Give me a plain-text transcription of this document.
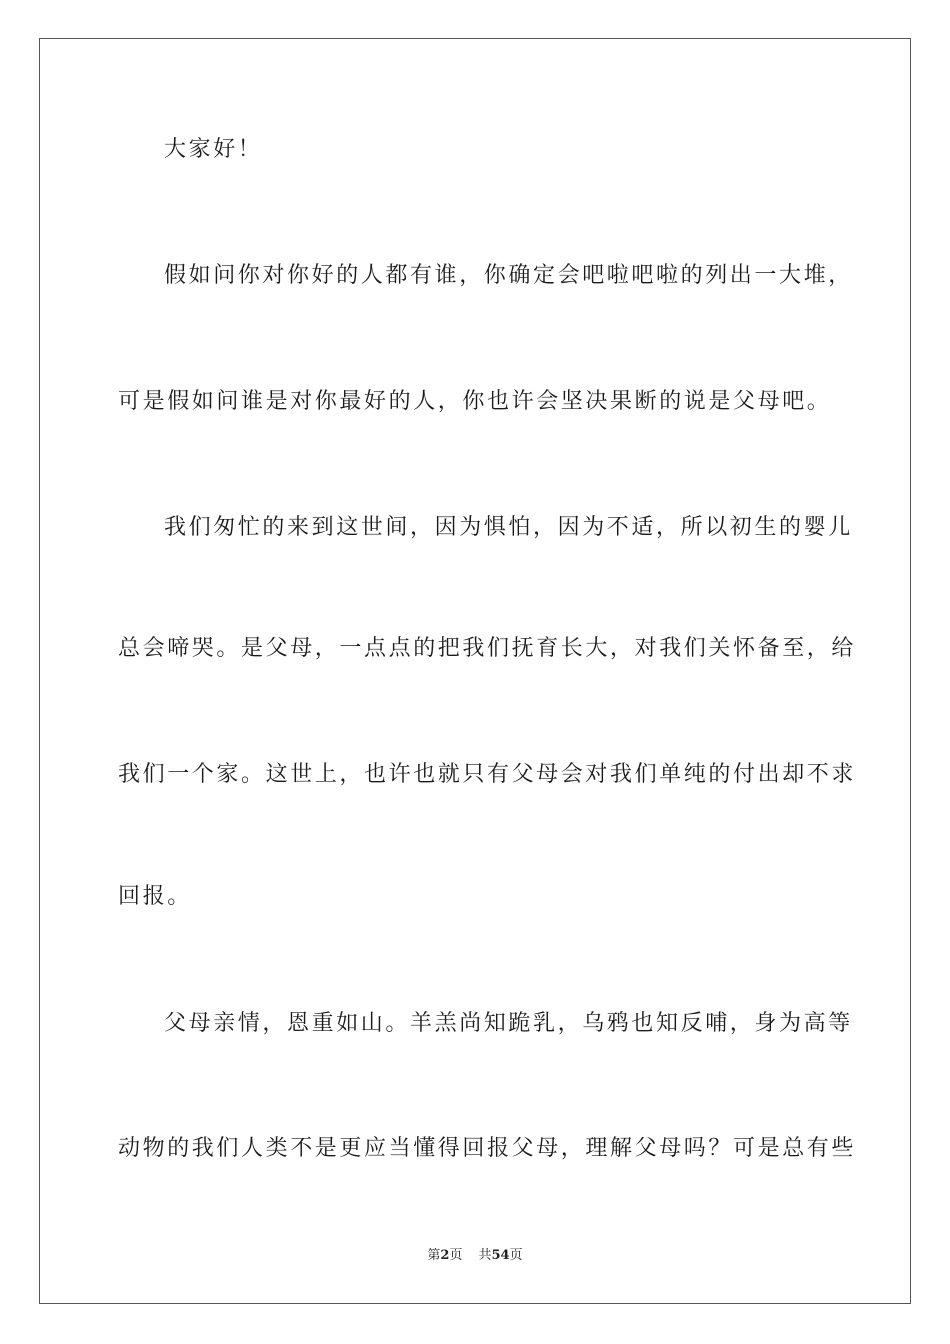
大家好！
假如问你对你好的人都有谁，你确定会吧啦吧啦的列出一大堆，
可是假如问谁是对你最好的人，你也许会坚决果断的说是父母吧。
我们匆忙的来到这世间，因为惧怕，因为不适，所以初生的婴儿
总会啼哭。是父母，一点点的把我们抚育长大，对我们关怀备至，给
我们一个家。这世上，也许也就只有父母会对我们单纯的付出却不求
回报。
父母亲情，恩重如山。羊羔尚知跪乳，乌鸦也知反哺，身为高等
动物的我们人类不是更应当懂得回报父母，理解父母吗？可是总有些
第2页 共54页
